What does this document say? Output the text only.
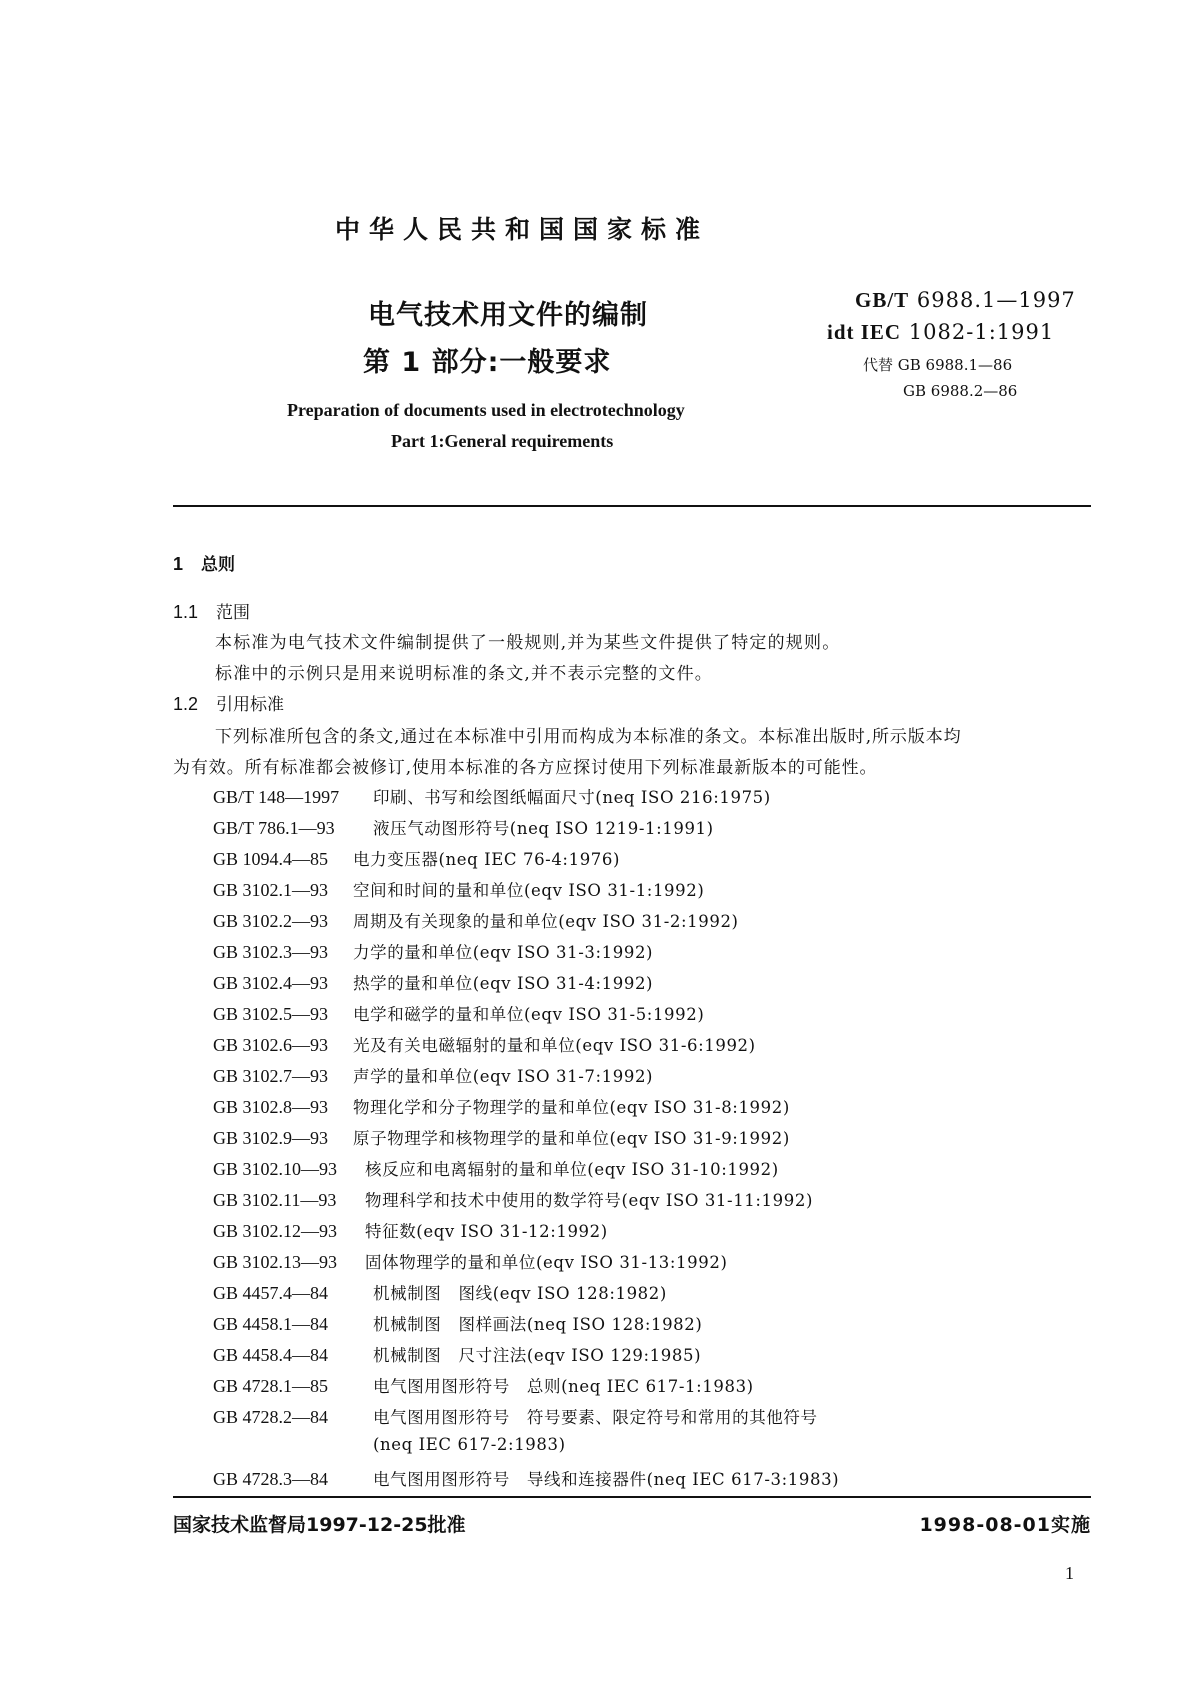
中华人民共和国国家标准
电气技术用文件的编制
第 1 部分:一般要求
Preparation of documents used in electrotechnology
Part 1:General requirements
GB/T 6988.1—1997
idt IEC 1082-1:1991
代替 GB 6988.1—86
GB 6988.2—86
1 总则
1.1 范围
本标准为电气技术文件编制提供了一般规则,并为某些文件提供了特定的规则。
标准中的示例只是用来说明标准的条文,并不表示完整的文件。
1.2 引用标准
下列标准所包含的条文,通过在本标准中引用而构成为本标准的条文。本标准出版时,所示版本均
为有效。所有标准都会被修订,使用本标准的各方应探讨使用下列标准最新版本的可能性。
GB/T 148—1997 印刷、书写和绘图纸幅面尺寸(neq ISO 216:1975)
GB/T 786.1—93 液压气动图形符号(neq ISO 1219-1:1991)
GB 1094.4—85 电力变压器(neq IEC 76-4:1976)
GB 3102.1—93 空间和时间的量和单位(eqv ISO 31-1:1992)
GB 3102.2—93 周期及有关现象的量和单位(eqv ISO 31-2:1992)
GB 3102.3—93 力学的量和单位(eqv ISO 31-3:1992)
GB 3102.4—93 热学的量和单位(eqv ISO 31-4:1992)
GB 3102.5—93 电学和磁学的量和单位(eqv ISO 31-5:1992)
GB 3102.6—93 光及有关电磁辐射的量和单位(eqv ISO 31-6:1992)
GB 3102.7—93 声学的量和单位(eqv ISO 31-7:1992)
GB 3102.8—93 物理化学和分子物理学的量和单位(eqv ISO 31-8:1992)
GB 3102.9—93 原子物理学和核物理学的量和单位(eqv ISO 31-9:1992)
GB 3102.10—93 核反应和电离辐射的量和单位(eqv ISO 31-10:1992)
GB 3102.11—93 物理科学和技术中使用的数学符号(eqv ISO 31-11:1992)
GB 3102.12—93 特征数(eqv ISO 31-12:1992)
GB 3102.13—93 固体物理学的量和单位(eqv ISO 31-13:1992)
GB 4457.4—84	机械制图　图线(eqv ISO 128:1982)
GB 4458.1—84	机械制图　图样画法(neq ISO 128:1982)
GB 4458.4—84	机械制图　尺寸注法(eqv ISO 129:1985)
GB 4728.1—85	电气图用图形符号　总则(neq IEC 617-1:1983)
GB 4728.2—84	电气图用图形符号　符号要素、限定符号和常用的其他符号
(neq IEC 617-2:1983)
GB 4728.3—84	电气图用图形符号　导线和连接器件(neq IEC 617-3:1983)
国家技术监督局1997-12-25批准	1998-08-01实施
1
